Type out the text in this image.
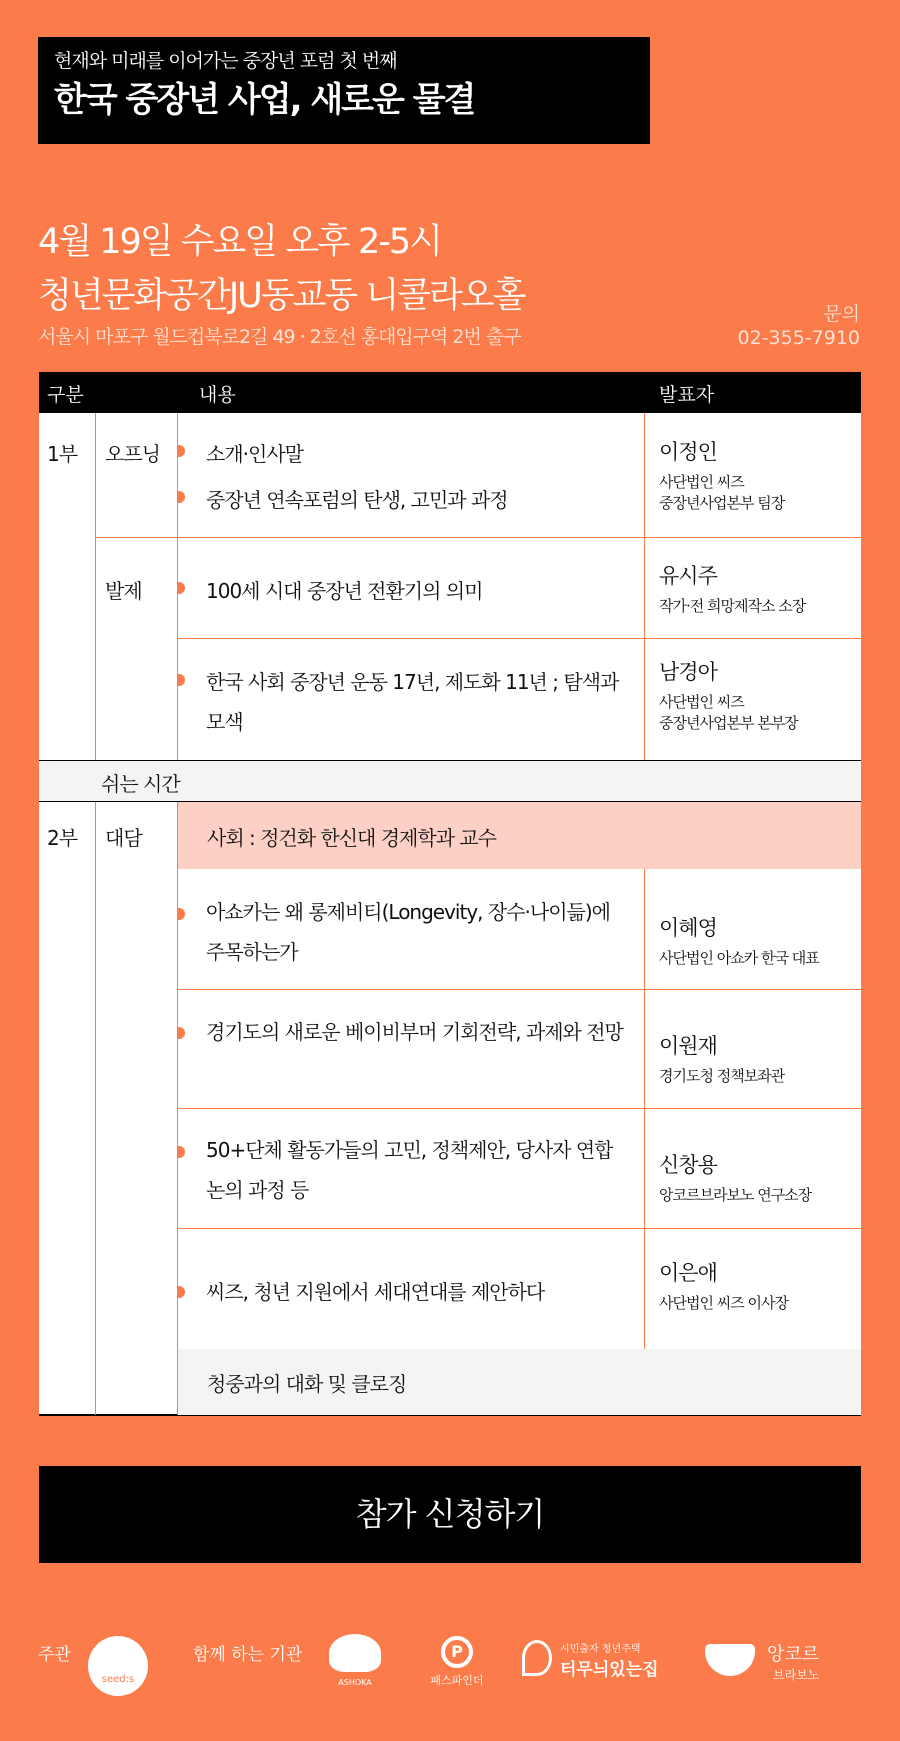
현재와 미래를 이어가는 중장년 포럼 첫 번째
한국 중장년 사업, 새로운 물결
4월 19일 수요일 오후 2-5시
청년문화공간JU동교동 니콜라오홀
서울시 마포구 월드컵북로2길 49 · 2호선 홍대입구역 2번 출구
문의
02-355-7910
구분	내용	발표자
쉬는 시간
사회 : 정건화 한신대 경제학과 교수
청중과의 대화 및 클로징
1부 오프닝
발제
소개·인사말
중장년 연속포럼의 탄생, 고민과 과정
100세 시대 중장년 전환기의 의미
한국 사회 중장년 운동 17년, 제도화 11년 ; 탐색과 모색
이정인
사단법인 씨즈
중장년사업본부 팀장
유시주
작가·전 희망제작소 소장
남경아
사단법인 씨즈
중장년사업본부 본부장
2부 대담
아쇼카는 왜 롱제비티(Longevity, 장수·나이듦)에 주목하는가
경기도의 새로운 베이비부머 기회전략, 과제와 전망
50+단체 활동가들의 고민, 정책제안, 당사자 연합 논의 과정 등
씨즈, 청년 지원에서 세대연대를 제안하다
이혜영
사단법인 아쇼카 한국 대표
이원재
경기도청 정책보좌관
신창용
앙코르브라보노 연구소장
이은애
사단법인 씨즈 이사장
참가 신청하기
주관
seed:s
함께 하는 기관
ASHOKA
P
패스파인더
시민출자 청년주택
터무늬있는집
앙코르
브라보노
